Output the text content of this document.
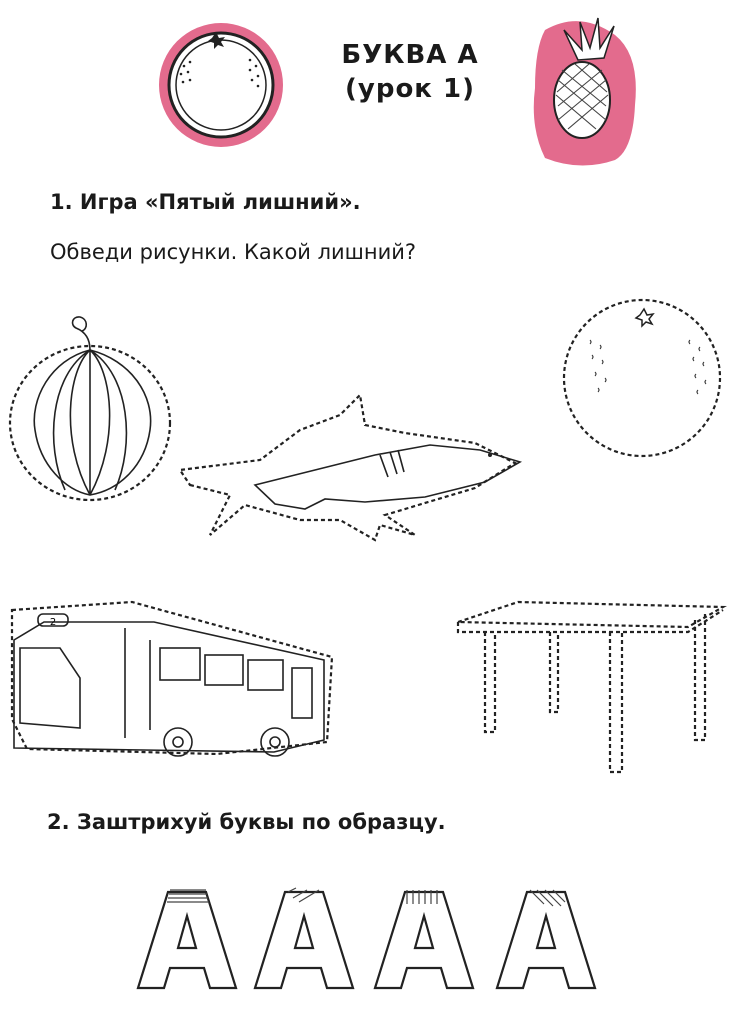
БУКВА А
(урок 1)
1. Игра «Пятый лишний».
Обведи рисунки. Какой лишний?
2
2. Заштрихуй буквы по образцу.
